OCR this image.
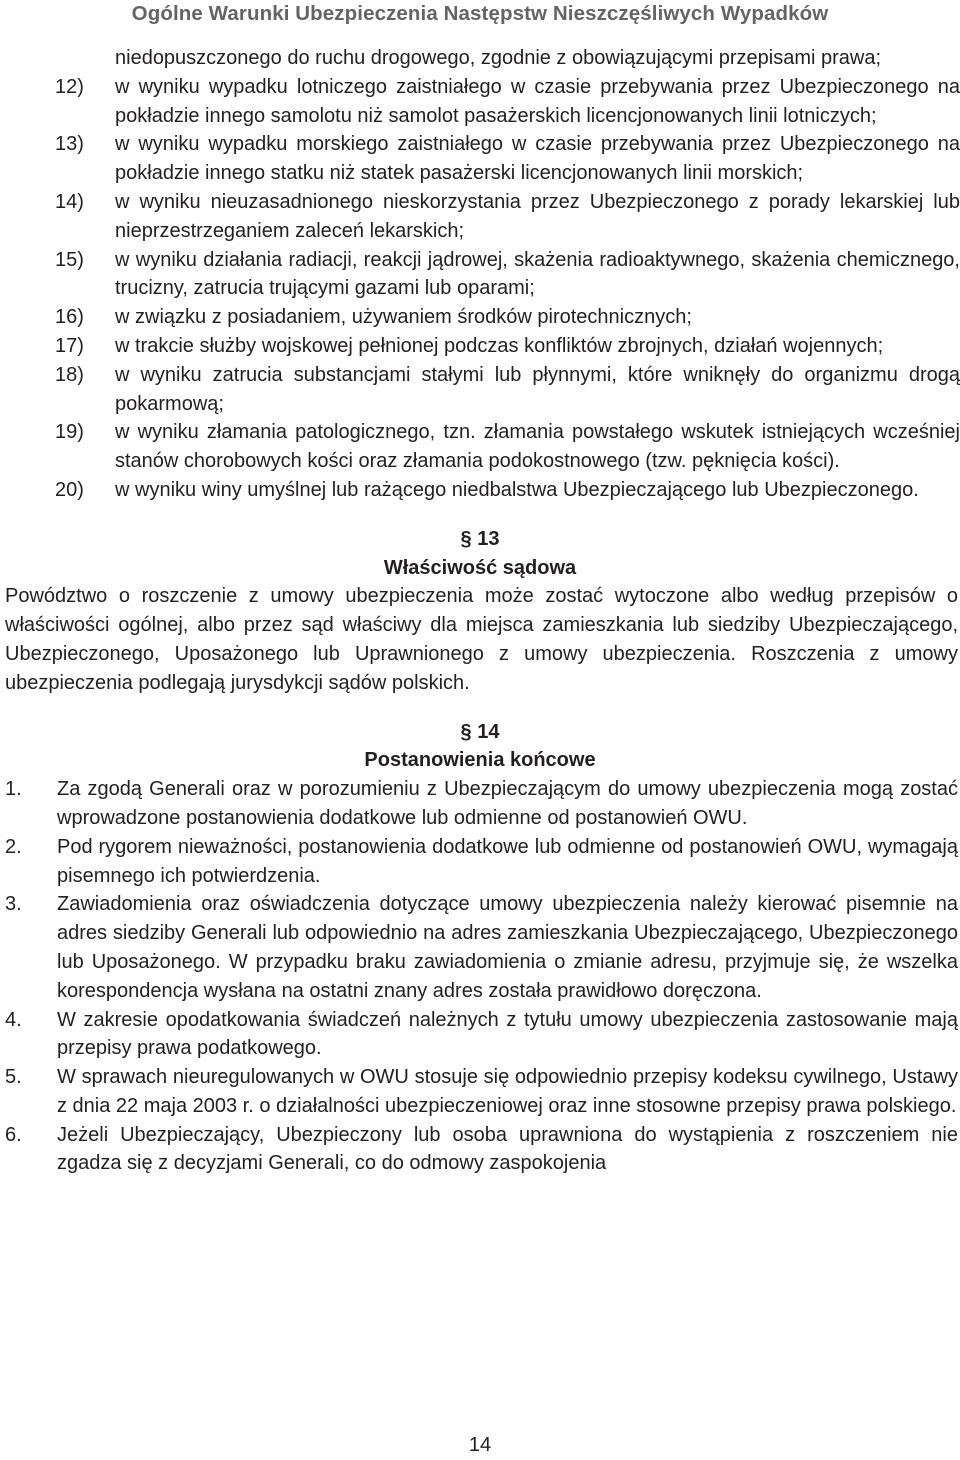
Ogólne Warunki Ubezpieczenia Następstw Nieszczęśliwych Wypadków
niedopuszczonego do ruchu drogowego, zgodnie z obowiązującymi przepisami prawa;
12)	w wyniku wypadku lotniczego zaistniałego w czasie przebywania przez Ubezpieczonego na pokładzie innego samolotu niż samolot pasażerskich licencjonowanych linii lotniczych;
13)	w wyniku wypadku morskiego zaistniałego w czasie przebywania przez Ubezpieczonego na pokładzie innego statku niż statek pasażerski licencjonowanych linii morskich;
14)	w wyniku nieuzasadnionego nieskorzystania przez Ubezpieczonego z porady lekarskiej lub nieprzestrzeganiem zaleceń lekarskich;
15)	w wyniku działania radiacji, reakcji jądrowej, skażenia radioaktywnego, skażenia chemicznego, trucizny, zatrucia trującymi gazami lub oparami;
16)	w związku z posiadaniem, używaniem środków pirotechnicznych;
17)	w trakcie służby wojskowej pełnionej podczas konfliktów zbrojnych, działań wojennych;
18)	w wyniku zatrucia substancjami stałymi lub płynnymi, które wniknęły do organizmu drogą pokarmową;
19)	w wyniku złamania patologicznego, tzn. złamania powstałego wskutek istniejących wcześniej stanów chorobowych kości oraz złamania podokostnowego (tzw. pęknięcia kości).
20)	w wyniku winy umyślnej lub rażącego niedbalstwa Ubezpieczającego lub Ubezpieczonego.
§ 13
Właściwość sądowa
Powództwo o roszczenie z umowy ubezpieczenia może zostać wytoczone albo według przepisów o właściwości ogólnej, albo przez sąd właściwy dla miejsca zamieszkania lub siedziby Ubezpieczającego, Ubezpieczonego, Uposażonego lub Uprawnionego z umowy ubezpieczenia. Roszczenia z umowy ubezpieczenia podlegają jurysdykcji sądów polskich.
§ 14
Postanowienia końcowe
1.	Za zgodą Generali oraz w porozumieniu z Ubezpieczającym do umowy ubezpieczenia mogą zostać wprowadzone postanowienia dodatkowe lub odmienne od postanowień OWU.
2.	Pod rygorem nieważności, postanowienia dodatkowe lub odmienne od postanowień OWU, wymagają pisemnego ich potwierdzenia.
3.	Zawiadomienia oraz oświadczenia dotyczące umowy ubezpieczenia należy kierować pisemnie na adres siedziby Generali lub odpowiednio na adres zamieszkania Ubezpieczającego, Ubezpieczonego lub Uposażonego. W przypadku braku zawiadomienia o zmianie adresu, przyjmuje się, że wszelka korespondencja wysłana na ostatni znany adres została prawidłowo doręczona.
4.	W zakresie opodatkowania świadczeń należnych z tytułu umowy ubezpieczenia zastosowanie mają przepisy prawa podatkowego.
5.	W sprawach nieuregulowanych w OWU stosuje się odpowiednio przepisy kodeksu cywilnego, Ustawy z dnia 22 maja 2003 r. o działalności ubezpieczeniowej oraz inne stosowne przepisy prawa polskiego.
6.	Jeżeli Ubezpieczający, Ubezpieczony lub osoba uprawniona do wystąpienia z roszczeniem nie zgadza się z decyzjami Generali, co do odmowy zaspokojenia
14
